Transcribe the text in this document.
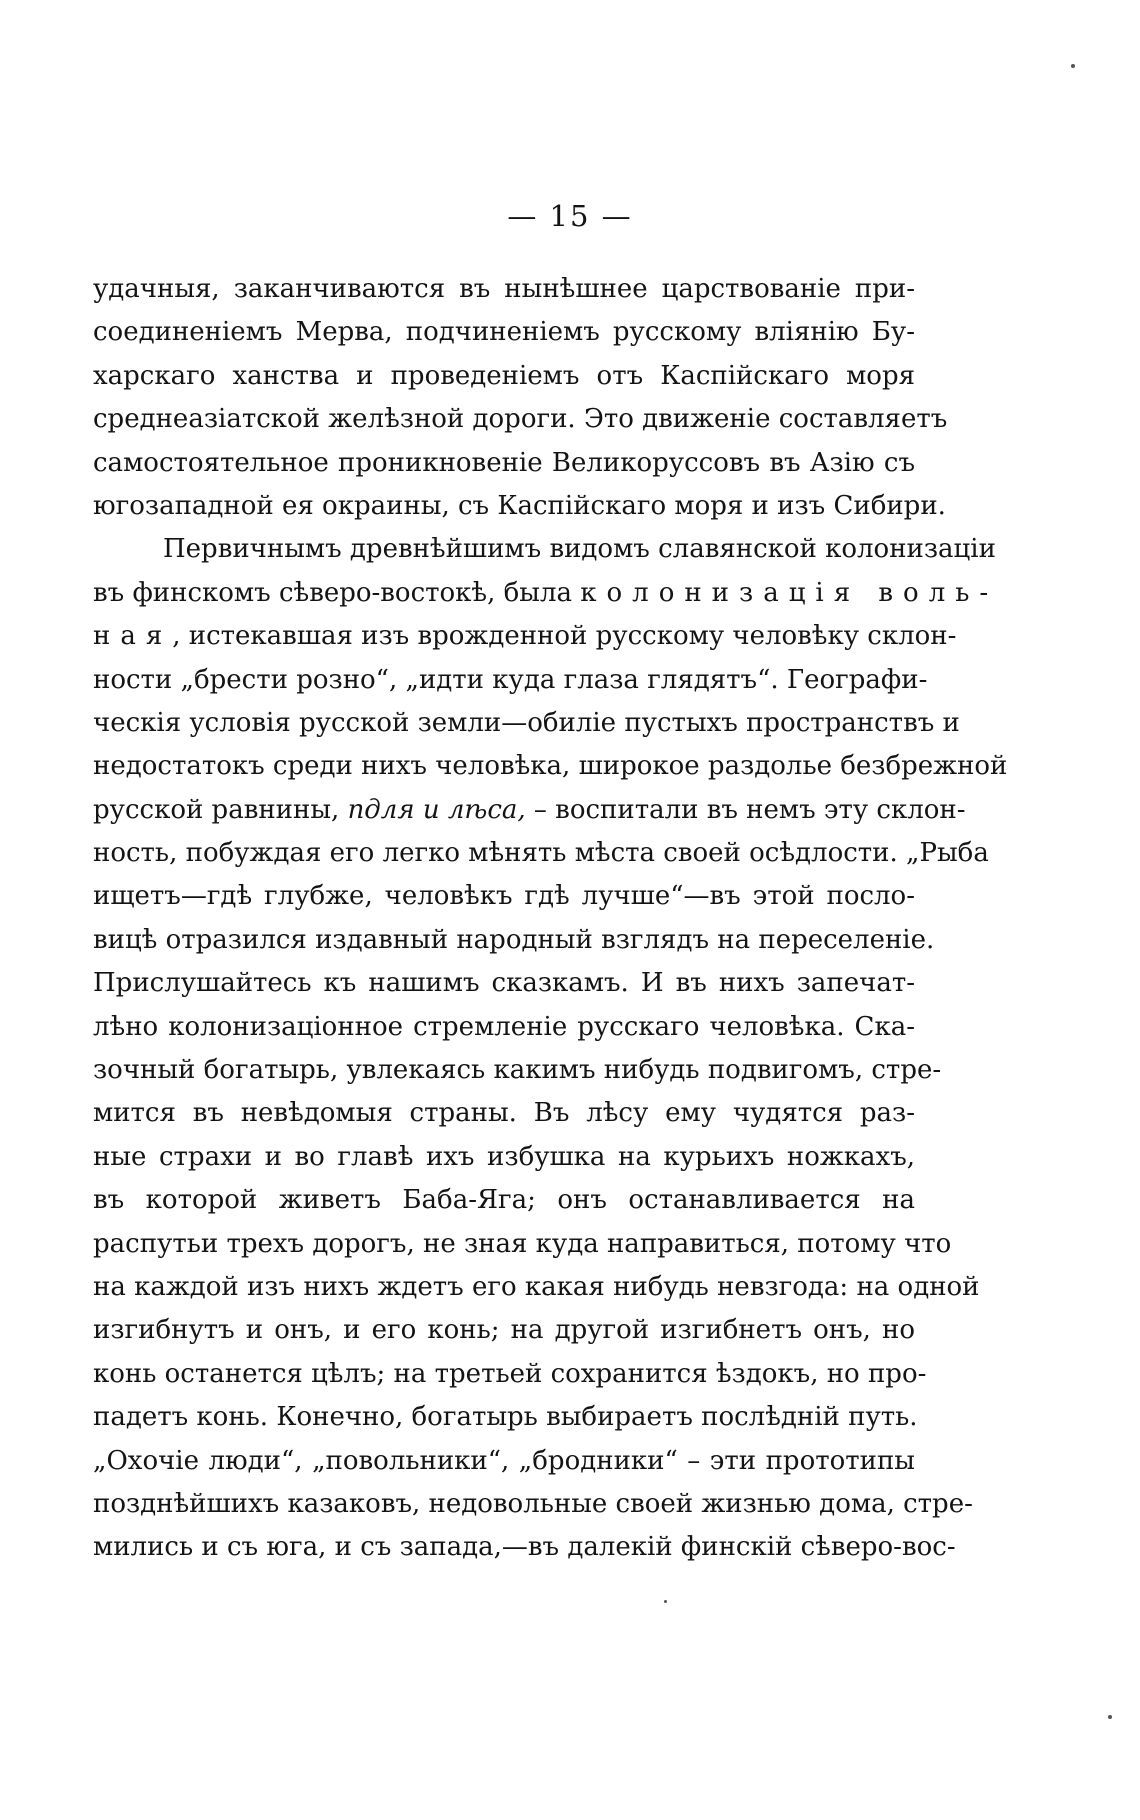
— 15 —
удачныя, заканчиваются въ нынѣшнее царствованіе при-
соединеніемъ Мерва, подчиненіемъ русскому вліянію Бу-
харскаго ханства и проведеніемъ отъ Каспійскаго моря
среднеазіатской желѣзной дороги. Это движеніе составляетъ
самостоятельное проникновеніе Великоруссовъ въ Азію съ
югозападной ея окраины, съ Каспійскаго моря и изъ Сибири.
Первичнымъ древнѣйшимъ видомъ славянской колонизаціи
въ финскомъ сѣверо-востокѣ, была колонизація воль-
ная, истекавшая изъ врожденной русскому человѣку склон-
ности „брести розно“, „идти куда глаза глядятъ“. Географи-
ческія условія русской земли—обиліе пустыхъ пространствъ и
недостатокъ среди нихъ человѣка, широкое раздолье безбрежной
русской равнины, пдля и лѣса, – воспитали въ немъ эту склон-
ность, побуждая его легко мѣнять мѣста своей осѣдлости. „Рыба
ищетъ—гдѣ глубже, человѣкъ гдѣ лучше“—въ этой посло-
вицѣ отразился издавный народный взглядъ на переселеніе.
Прислушайтесь къ нашимъ сказкамъ. И въ нихъ запечат-
лѣно колонизаціонное стремленіе русскаго человѣка. Ска-
зочный богатырь, увлекаясь какимъ нибудь подвигомъ, стре-
мится въ невѣдомыя страны. Въ лѣсу ему чудятся раз-
ные страхи и во главѣ ихъ избушка на курьихъ ножкахъ,
въ которой живетъ Баба-Яга; онъ останавливается на
распутьи трехъ дорогъ, не зная куда направиться, потому что
на каждой изъ нихъ ждетъ его какая нибудь невзгода: на одной
изгибнутъ и онъ, и его конь; на другой изгибнетъ онъ, но
конь останется цѣлъ; на третьей сохранится ѣздокъ, но про-
падетъ конь. Конечно, богатырь выбираетъ послѣдній путь.
„Охочіе люди“, „повольники“, „бродники“ – эти прототипы
позднѣйшихъ казаковъ, недовольные своей жизнью дома, стре-
мились и съ юга, и съ запада,—въ далекій финскій сѣверо-вос-
